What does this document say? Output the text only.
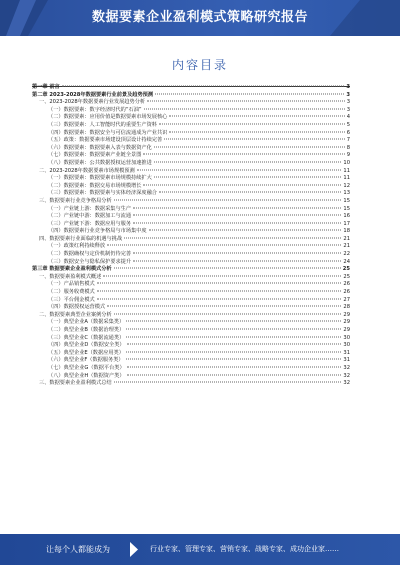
数据要素企业盈利模式策略研究报告
内容目录
第一章 前言	3
第二章 2023-2028年数据要素行业前景及趋势预测	3
一、2023-2028年数据要素行业发展趋势分析	3
（一）数据要素：数字经济时代的“石油”	3
（二）数据要素：应用价值是数据要素市场发展核心	4
（三）数据要素：人工智能时代的重要生产资料	5
（四）数据要素：数据安全与可信流通成为产业共识	6
（五）政策：数据要素市场建设顶层设计持续完善	7
（六）数据要素：数据要素入表与数据资产化	8
（七）数据要素：数据要素产业链全景图	9
（八）数据要素：公共数据授权运营加速推进	10
二、2023-2028年数据要素市场规模预测	11
（一）数据要素：数据要素市场规模持续扩大	11
（二）数据要素：数据交易市场规模增长	12
（三）数据要素：数据要素与实体经济深度融合	13
三、数据要素行业竞争格局分析	15
（一）产业链上游：数据采集与生产	15
（二）产业链中游：数据加工与流通	16
（三）产业链下游：数据应用与服务	17
（四）数据要素行业竞争格局与市场集中度	18
四、数据要素行业面临的机遇与挑战	21
（一）政策红利持续释放	21
（二）数据确权与定价机制仍待完善	22
（三）数据安全与隐私保护要求提升	24
第三章 数据要素企业盈利模式分析	25
一、数据要素盈利模式概述	25
（一）产品销售模式	26
（二）服务收费模式	26
（三）平台佣金模式	27
（四）数据授权运营模式	28
二、数据要素典型企业案例分析	29
（一）典型企业A（数据采集类）	29
（二）典型企业B（数据治理类）	29
（三）典型企业C（数据流通类）	30
（四）典型企业D（数据安全类）	30
（五）典型企业E（数据应用类）	31
（六）典型企业F（数据服务类）	31
（七）典型企业G（数据平台类）	32
（八）典型企业H（数据资产类）	32
三、数据要素企业盈利模式总结	32
让每个人都能成为	行业专家、管理专家、营销专家、战略专家、成功企业家……
